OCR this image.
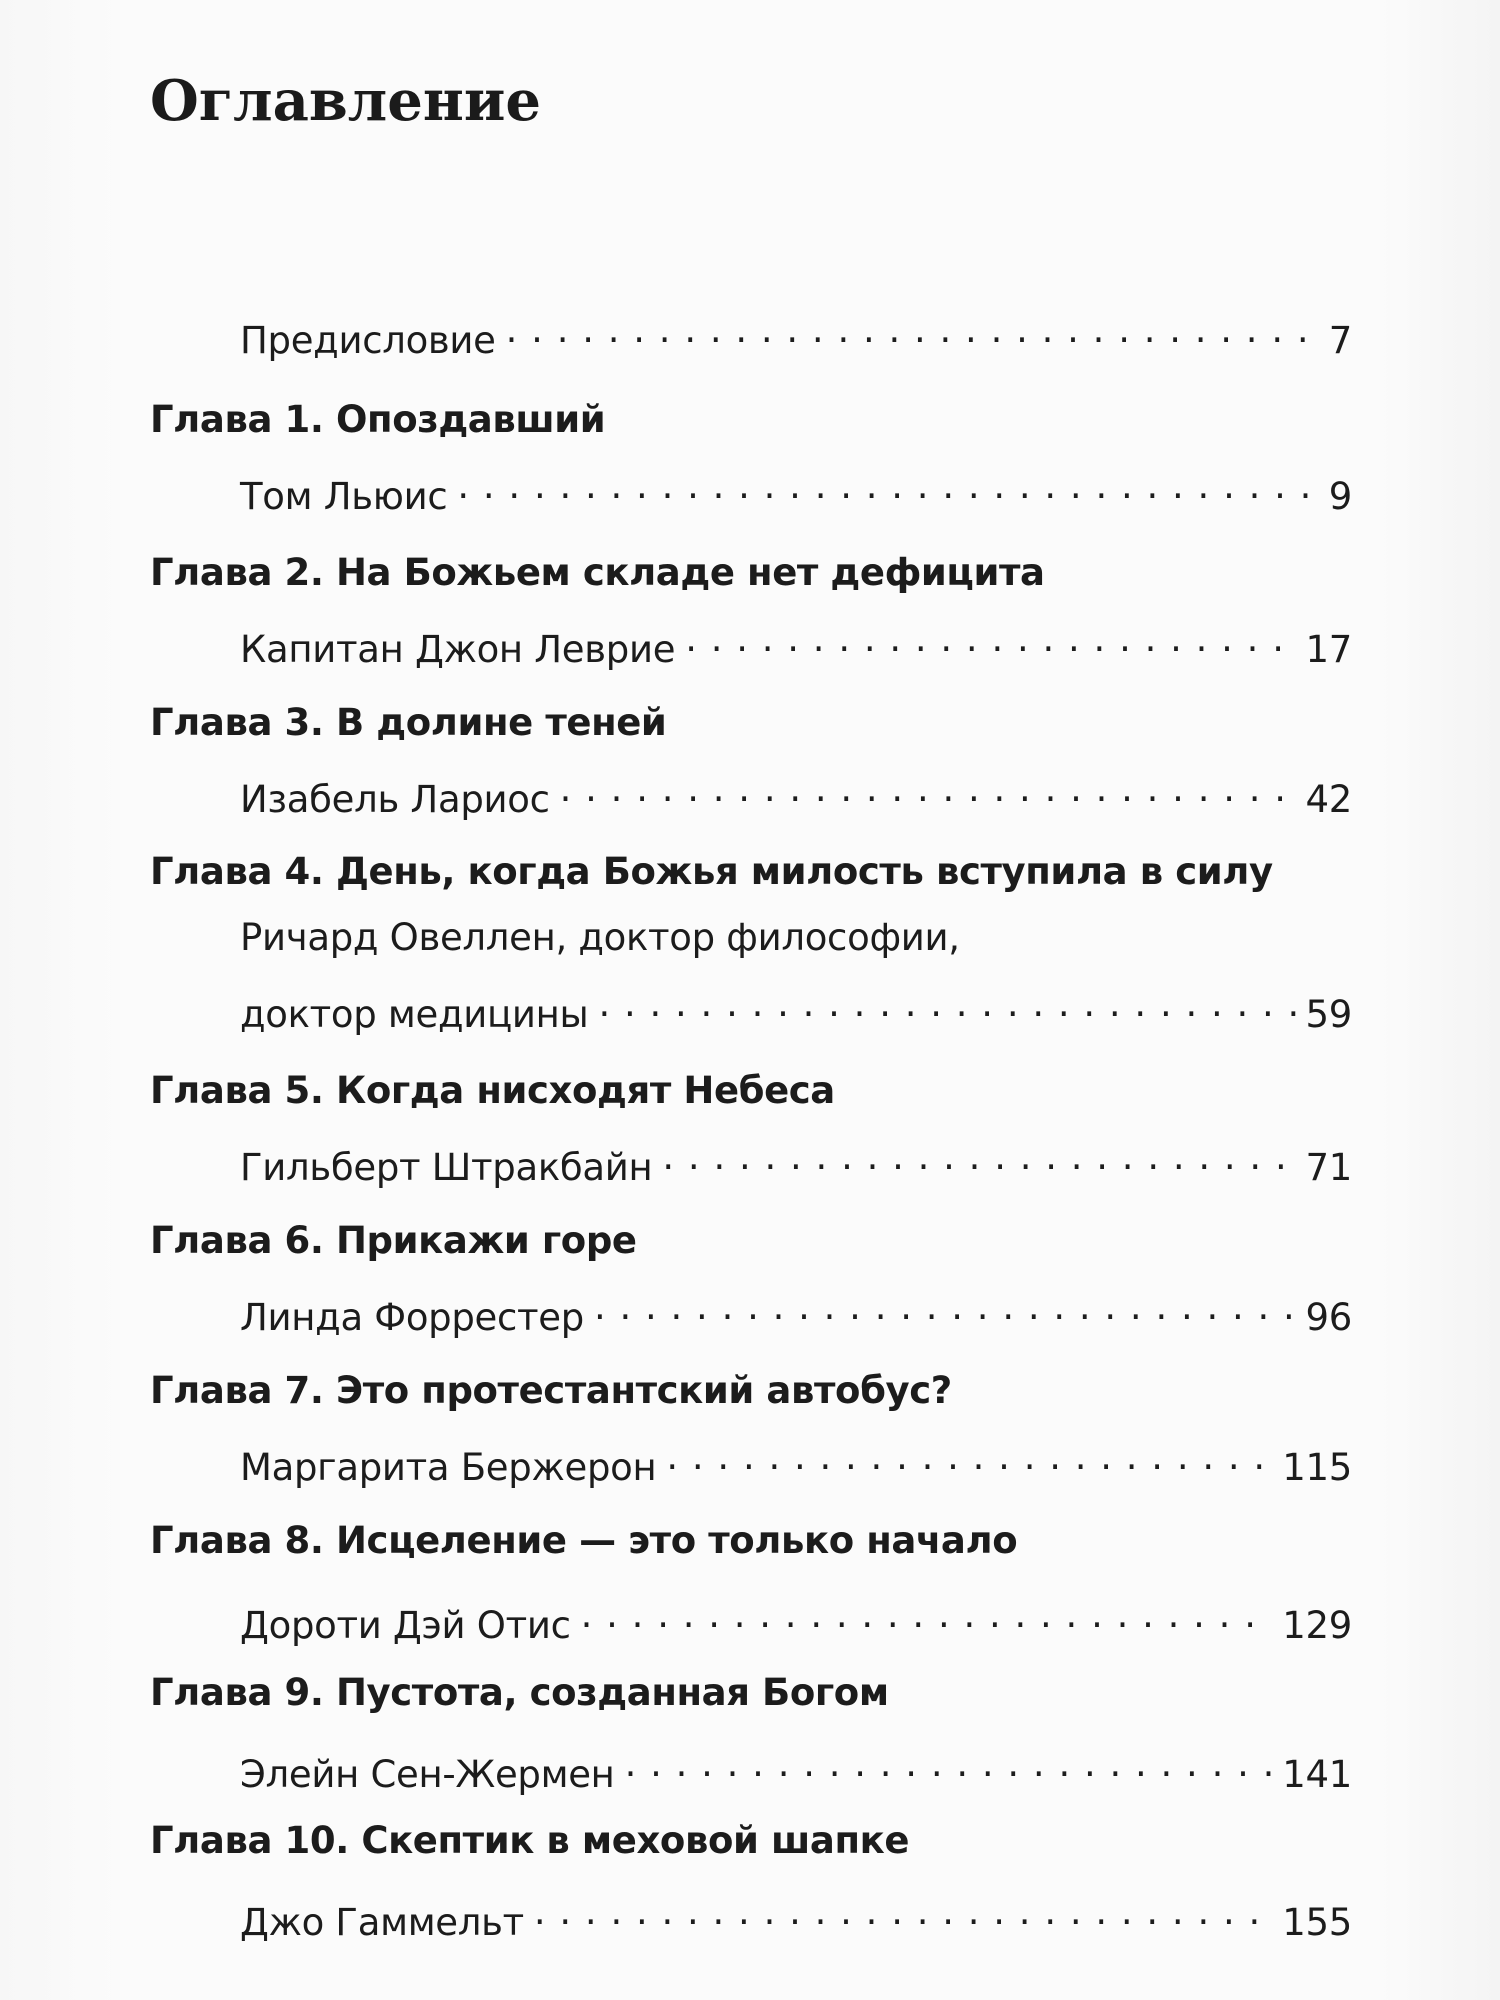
Оглавление
Предисловие . . .	7
Глава 1. Опоздавший
Том Льюис . . .	9
Глава 2. На Божьем складе нет дефицита
Капитан Джон Леврие . . .	17
Глава 3. В долине теней
Изабель Лариос . . .	42
Глава 4. День, когда Божья милость вступила в силу
Ричард Овеллен, доктор философии,
доктор медицины . . .	59
Глава 5. Когда нисходят Небеса
Гильберт Штракбайн . . .	71
Глава 6. Прикажи горе
Линда Форрестер . . .	96
Глава 7. Это протестантский автобус?
Маргарита Бержерон . . .	115
Глава 8. Исцеление — это только начало
Дороти Дэй Отис . . .	129
Глава 9. Пустота, созданная Богом
Элейн Сен-Жермен . . .	141
Глава 10. Скептик в меховой шапке
Джо Гаммельт . . .	155
